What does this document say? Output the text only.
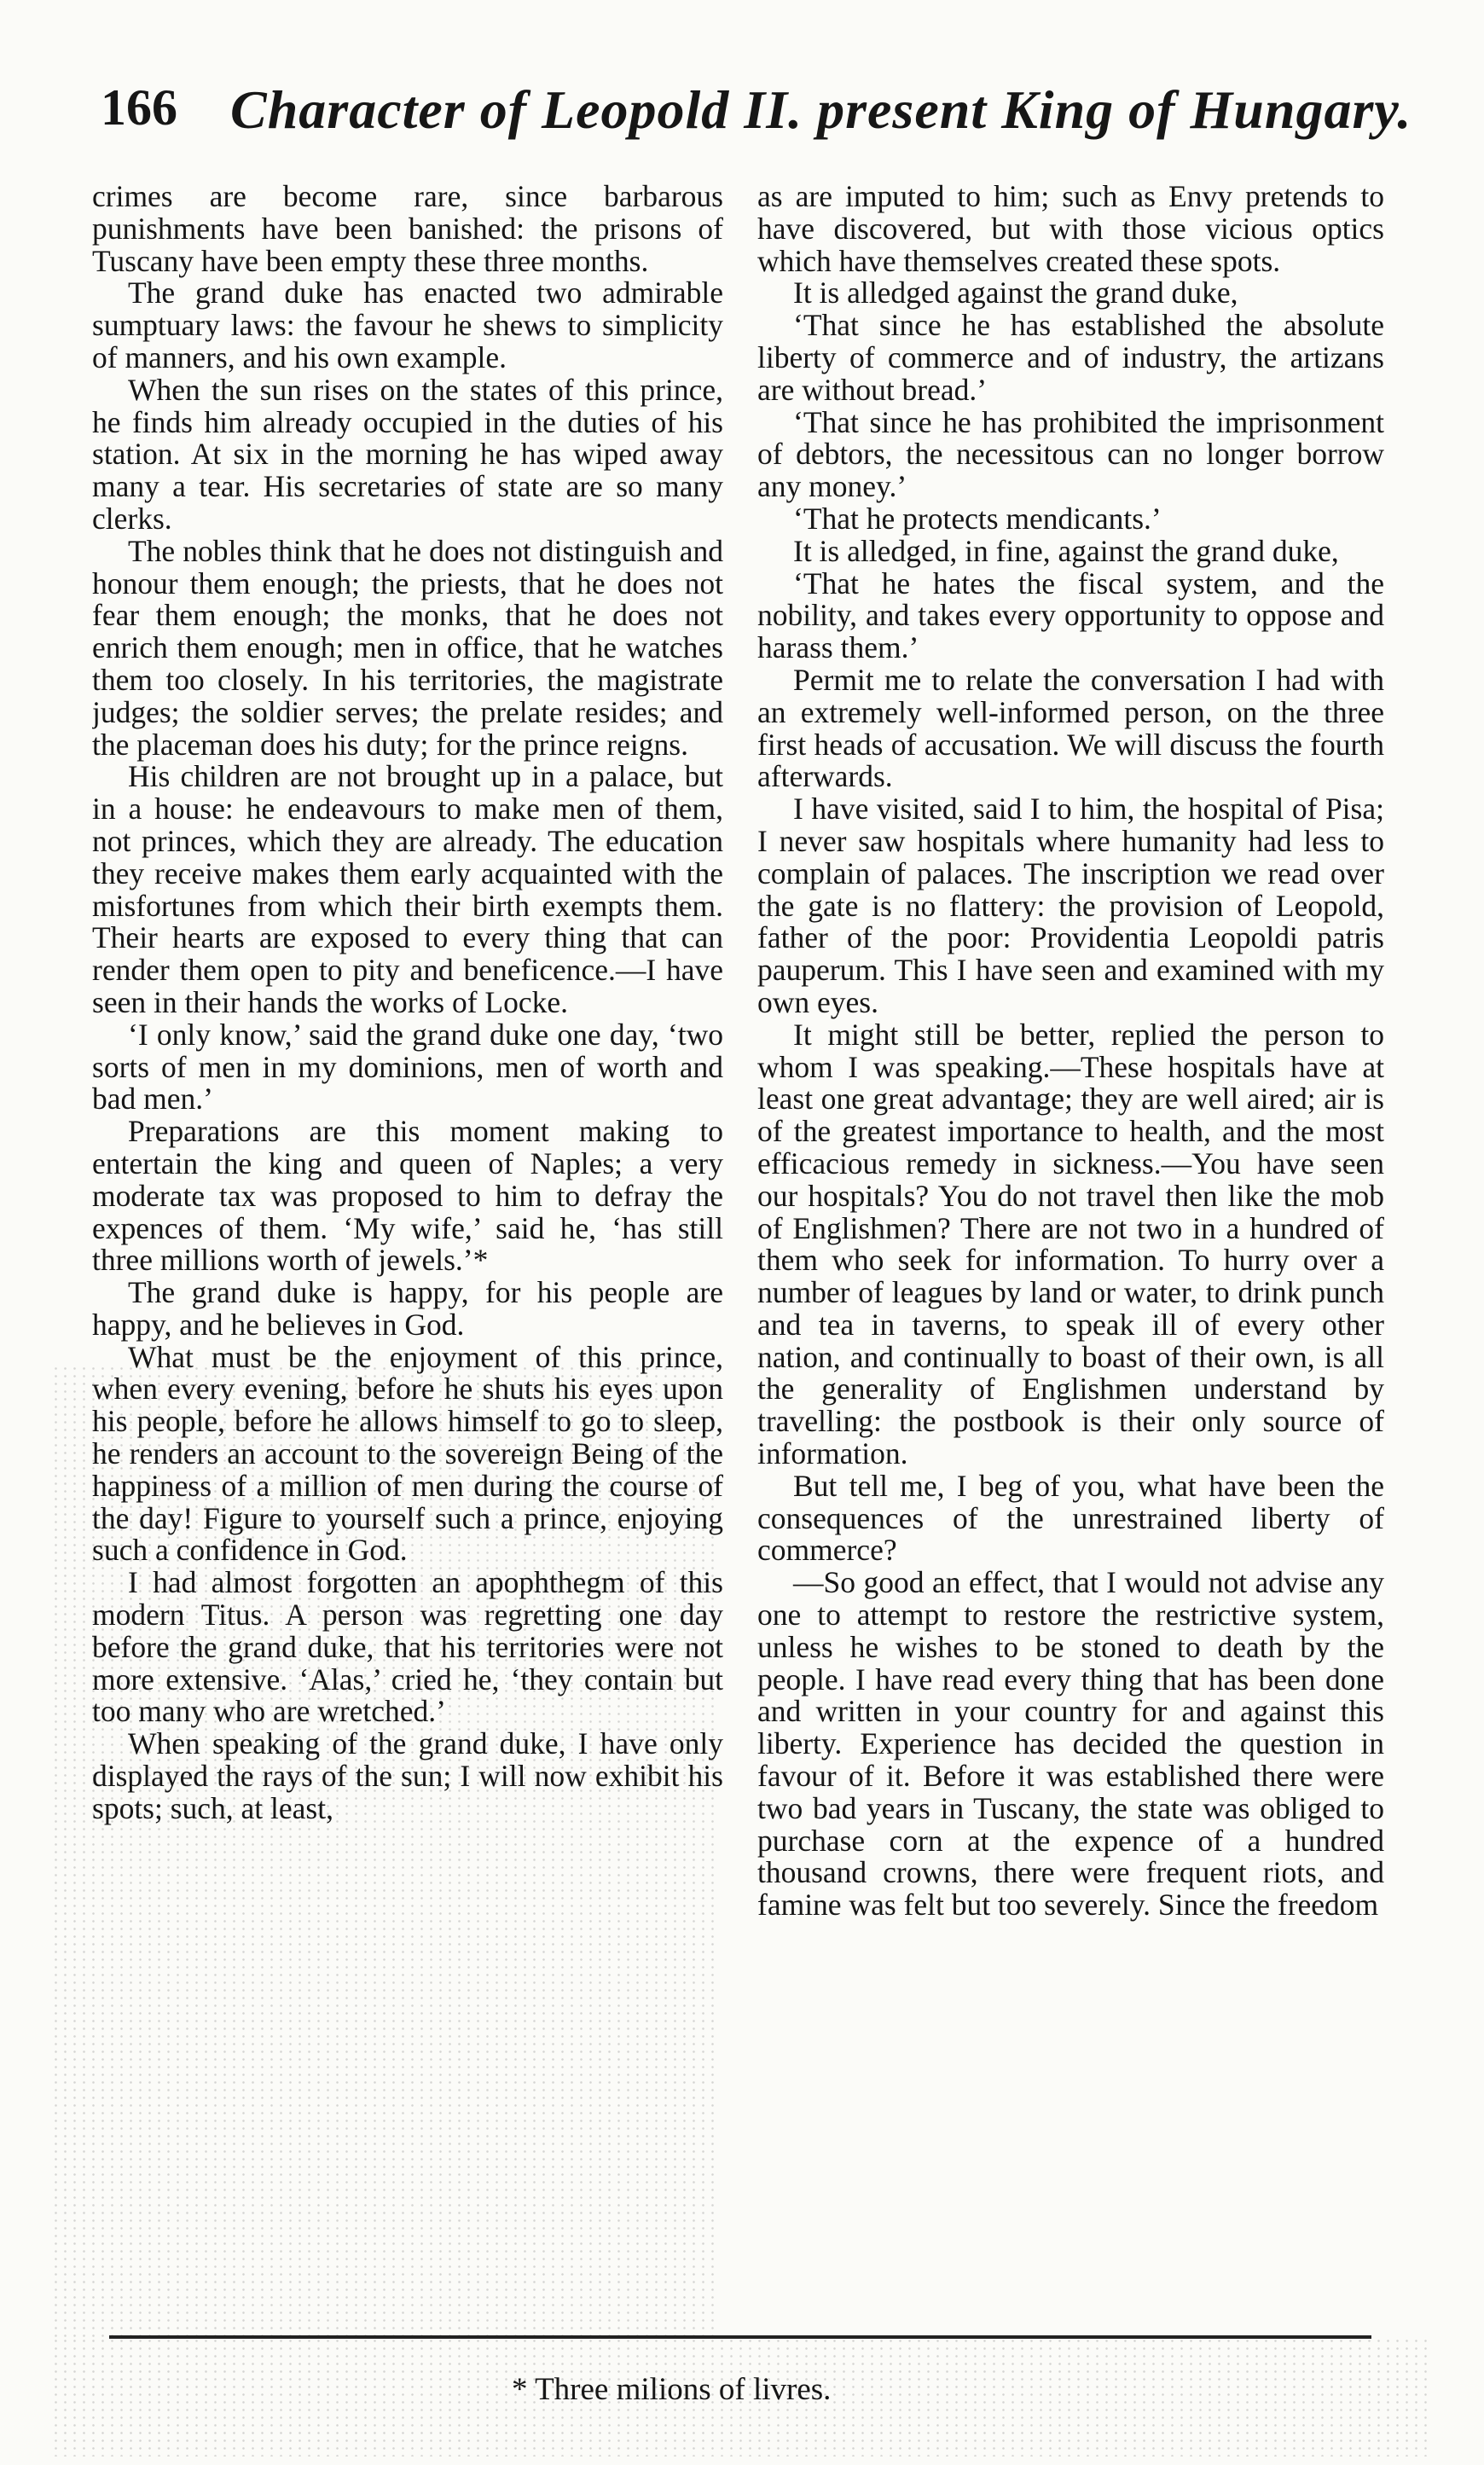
166 Character of Leopold II. present King of Hungary.

crimes are become rare, since barbarous punishments have been banished: the prisons of Tuscany have been empty these three months.

The grand duke has enacted two admirable sumptuary laws: the favour he shews to simplicity of manners, and his own example.

When the sun rises on the states of this prince, he finds him already occupied in the duties of his station. At six in the morning he has wiped away many a tear. His secretaries of state are so many clerks.

The nobles think that he does not distinguish and honour them enough; the priests, that he does not fear them enough; the monks, that he does not enrich them enough; men in office, that he watches them too closely. In his territories, the magistrate judges; the soldier serves; the prelate resides; and the placeman does his duty; for the prince reigns.

His children are not brought up in a palace, but in a house: he endeavours to make men of them, not princes, which they are already. The education they receive makes them early acquainted with the misfortunes from which their birth exempts them. Their hearts are exposed to every thing that can render them open to pity and beneficence.—I have seen in their hands the works of Locke.

‘I only know,’ said the grand duke one day, ‘two sorts of men in my dominions, men of worth and bad men.’

Preparations are this moment making to entertain the king and queen of Naples; a very moderate tax was proposed to him to defray the expences of them. ‘My wife,’ said he, ‘has still three millions worth of jewels.’*

The grand duke is happy, for his people are happy, and he believes in God.

What must be the enjoyment of this prince, when every evening, before he shuts his eyes upon his people, before he allows himself to go to sleep, he renders an account to the sovereign Being of the happiness of a million of men during the course of the day! Figure to yourself such a prince, enjoying such a confidence in God.

I had almost forgotten an apophthegm of this modern Titus. A person was regretting one day before the grand duke, that his territories were not more extensive. ‘Alas,’ cried he, ‘they contain but too many who are wretched.’

When speaking of the grand duke, I have only displayed the rays of the sun; I will now exhibit his spots; such, at least,

as are imputed to him; such as Envy pretends to have discovered, but with those vicious optics which have themselves created these spots.

It is alledged against the grand duke,

‘That since he has established the absolute liberty of commerce and of industry, the artizans are without bread.’

‘That since he has prohibited the imprisonment of debtors, the necessitous can no longer borrow any money.’

‘That he protects mendicants.’

It is alledged, in fine, against the grand duke,

‘That he hates the fiscal system, and the nobility, and takes every opportunity to oppose and harass them.’

Permit me to relate the conversation I had with an extremely well-informed person, on the three first heads of accusation. We will discuss the fourth afterwards.

I have visited, said I to him, the hospital of Pisa; I never saw hospitals where humanity had less to complain of palaces. The inscription we read over the gate is no flattery: the provision of Leopold, father of the poor: Providentia Leopoldi patris pauperum. This I have seen and examined with my own eyes.

It might still be better, replied the person to whom I was speaking.—These hospitals have at least one great advantage; they are well aired; air is of the greatest importance to health, and the most efficacious remedy in sickness.—You have seen our hospitals? You do not travel then like the mob of Englishmen? There are not two in a hundred of them who seek for information. To hurry over a number of leagues by land or water, to drink punch and tea in taverns, to speak ill of every other nation, and continually to boast of their own, is all the generality of Englishmen understand by travelling: the postbook is their only source of information.

But tell me, I beg of you, what have been the consequences of the unrestrained liberty of commerce?

—So good an effect, that I would not advise any one to attempt to restore the restrictive system, unless he wishes to be stoned to death by the people. I have read every thing that has been done and written in your country for and against this liberty. Experience has decided the question in favour of it. Before it was established there were two bad years in Tuscany, the state was obliged to purchase corn at the expence of a hundred thousand crowns, there were frequent riots, and famine was felt but too severely. Since the freedom

* Three milions of livres.
